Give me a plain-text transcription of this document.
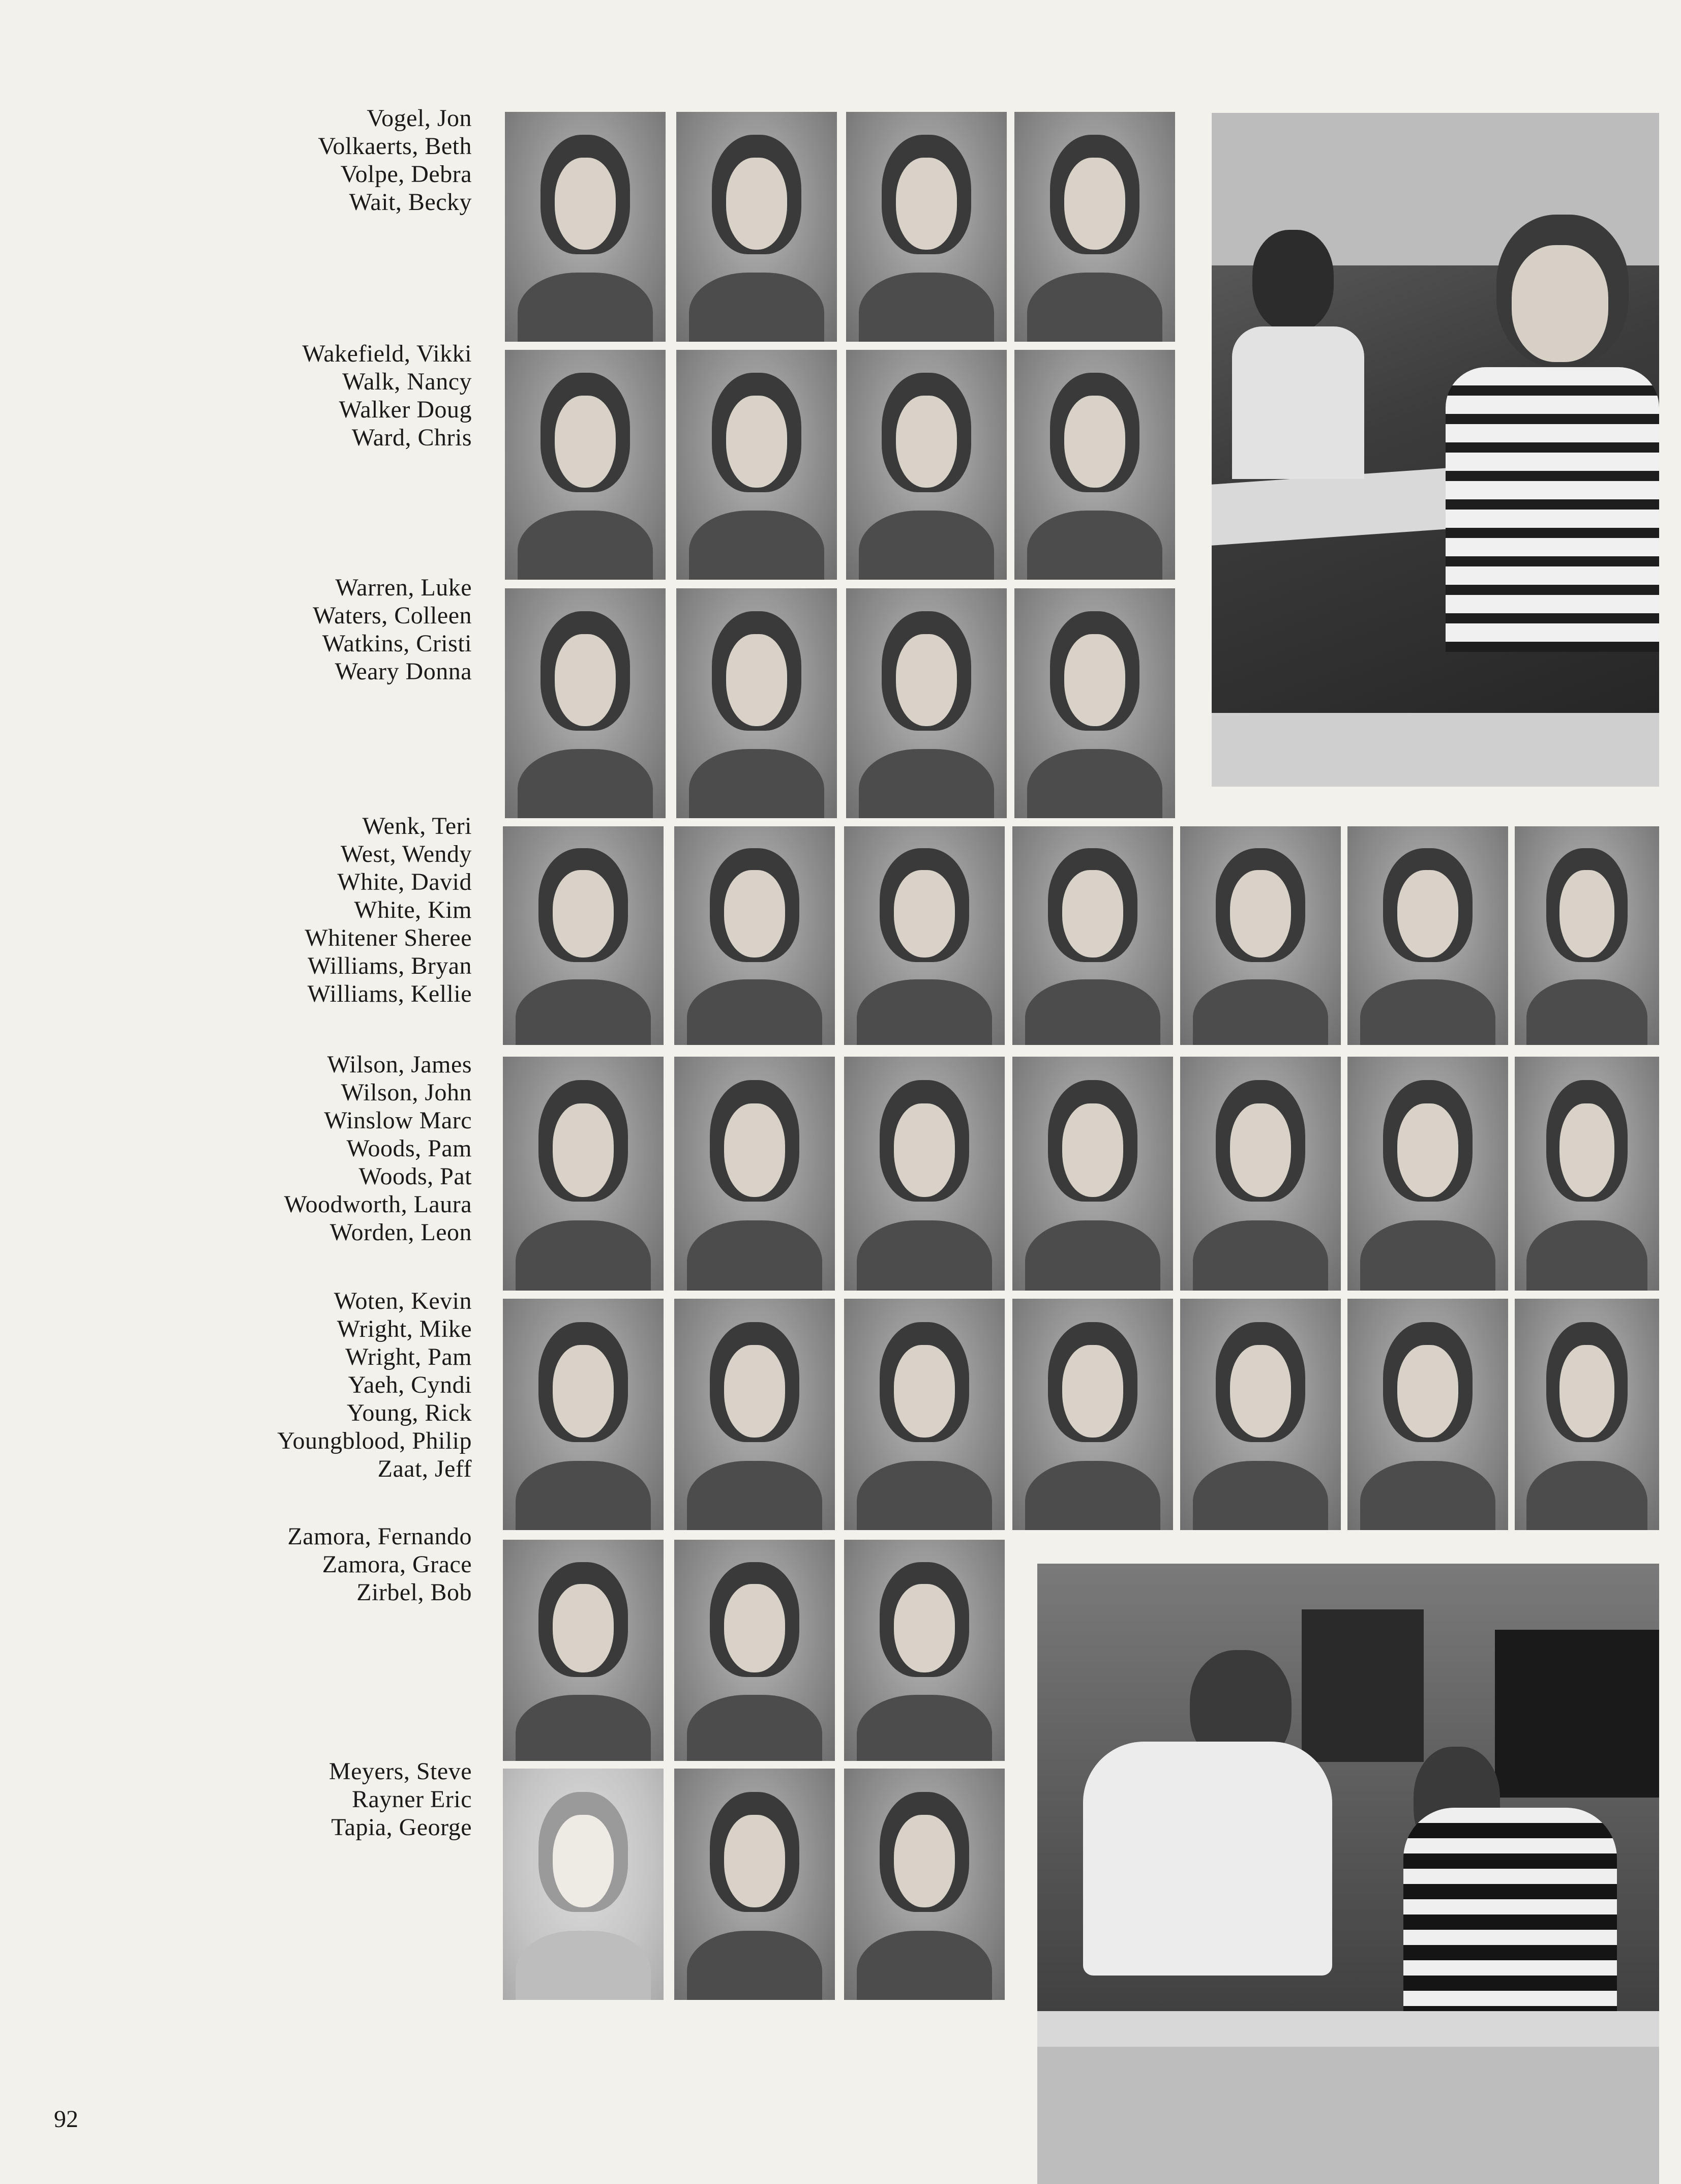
Vogel, Jon
Volkaerts, Beth
Volpe, Debra
Wait, Becky
Wakefield, Vikki
Walk, Nancy
Walker Doug
Ward, Chris
Warren, Luke
Waters, Colleen
Watkins, Cristi
Weary Donna
Wenk, Teri
West, Wendy
White, David
White, Kim
Whitener Sheree
Williams, Bryan
Williams, Kellie
Wilson, James
Wilson, John
Winslow Marc
Woods, Pam
Woods, Pat
Woodworth, Laura
Worden, Leon
Woten, Kevin
Wright, Mike
Wright, Pam
Yaeh, Cyndi
Young, Rick
Youngblood, Philip
Zaat, Jeff
Zamora, Fernando
Zamora, Grace
Zirbel, Bob
Meyers, Steve
Rayner Eric
Tapia, George
92
